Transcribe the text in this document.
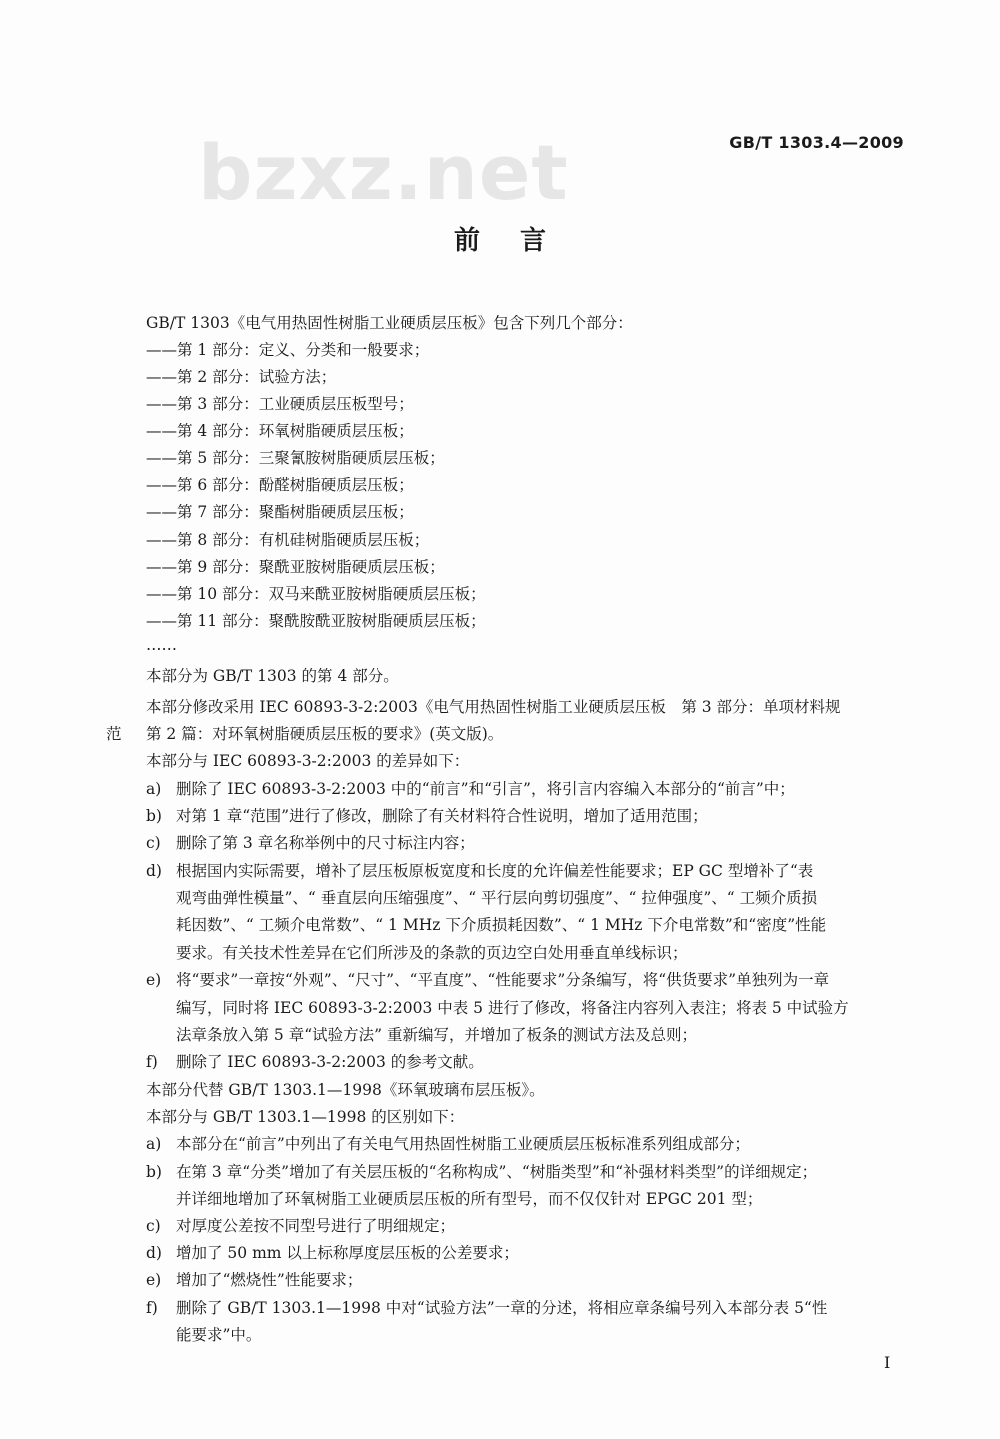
bzxz.net	GB/T 1303.4—2009
前言
GB/T 1303《电气用热固性树脂工业硬质层压板》包含下列几个部分：
——第 1 部分：定义、分类和一般要求；
——第 2 部分：试验方法；
——第 3 部分：工业硬质层压板型号；
——第 4 部分：环氧树脂硬质层压板；
——第 5 部分：三聚氰胺树脂硬质层压板；
——第 6 部分：酚醛树脂硬质层压板；
——第 7 部分：聚酯树脂硬质层压板；
——第 8 部分：有机硅树脂硬质层压板；
——第 9 部分：聚酰亚胺树脂硬质层压板；
——第 10 部分：双马来酰亚胺树脂硬质层压板；
——第 11 部分：聚酰胺酰亚胺树脂硬质层压板；
……
本部分为 GB/T 1303 的第 4 部分。
本部分修改采用 IEC 60893-3-2:2003《电气用热固性树脂工业硬质层压板　第 3 部分：单项材料规
范 第 2 篇：对环氧树脂硬质层压板的要求》(英文版)。
本部分与 IEC 60893-3-2:2003 的差异如下：
a) 删除了 IEC 60893-3-2:2003 中的“前言”和“引言”，将引言内容编入本部分的“前言”中；
b) 对第 1 章“范围”进行了修改，删除了有关材料符合性说明，增加了适用范围；
c) 删除了第 3 章名称举例中的尺寸标注内容；
d) 根据国内实际需要，增补了层压板原板宽度和长度的允许偏差性能要求；EP GC 型增补了“表
观弯曲弹性模量”、“ 垂直层向压缩强度”、“ 平行层向剪切强度”、“ 拉伸强度”、“ 工频介质损
耗因数”、“ 工频介电常数”、“ 1 MHz 下介质损耗因数”、“ 1 MHz 下介电常数”和“密度”性能
要求。有关技术性差异在它们所涉及的条款的页边空白处用垂直单线标识；
e) 将“要求”一章按“外观”、“尺寸”、“平直度”、“性能要求”分条编写，将“供货要求”单独列为一章
编写，同时将 IEC 60893-3-2:2003 中表 5 进行了修改，将备注内容列入表注；将表 5 中试验方
法章条放入第 5 章“试验方法” 重新编写，并增加了板条的测试方法及总则；
f) 删除了 IEC 60893-3-2:2003 的参考文献。
本部分代替 GB/T 1303.1—1998《环氧玻璃布层压板》。
本部分与 GB/T 1303.1—1998 的区别如下：
a) 本部分在“前言”中列出了有关电气用热固性树脂工业硬质层压板标准系列组成部分；
b) 在第 3 章“分类”增加了有关层压板的“名称构成”、“树脂类型”和“补强材料类型”的详细规定；
并详细地增加了环氧树脂工业硬质层压板的所有型号，而不仅仅针对 EPGC 201 型；
c) 对厚度公差按不同型号进行了明细规定；
d) 增加了 50 mm 以上标称厚度层压板的公差要求；
e) 增加了“燃烧性”性能要求；
f) 删除了 GB/T 1303.1—1998 中对“试验方法”一章的分述，将相应章条编号列入本部分表 5“性
能要求”中。
I
